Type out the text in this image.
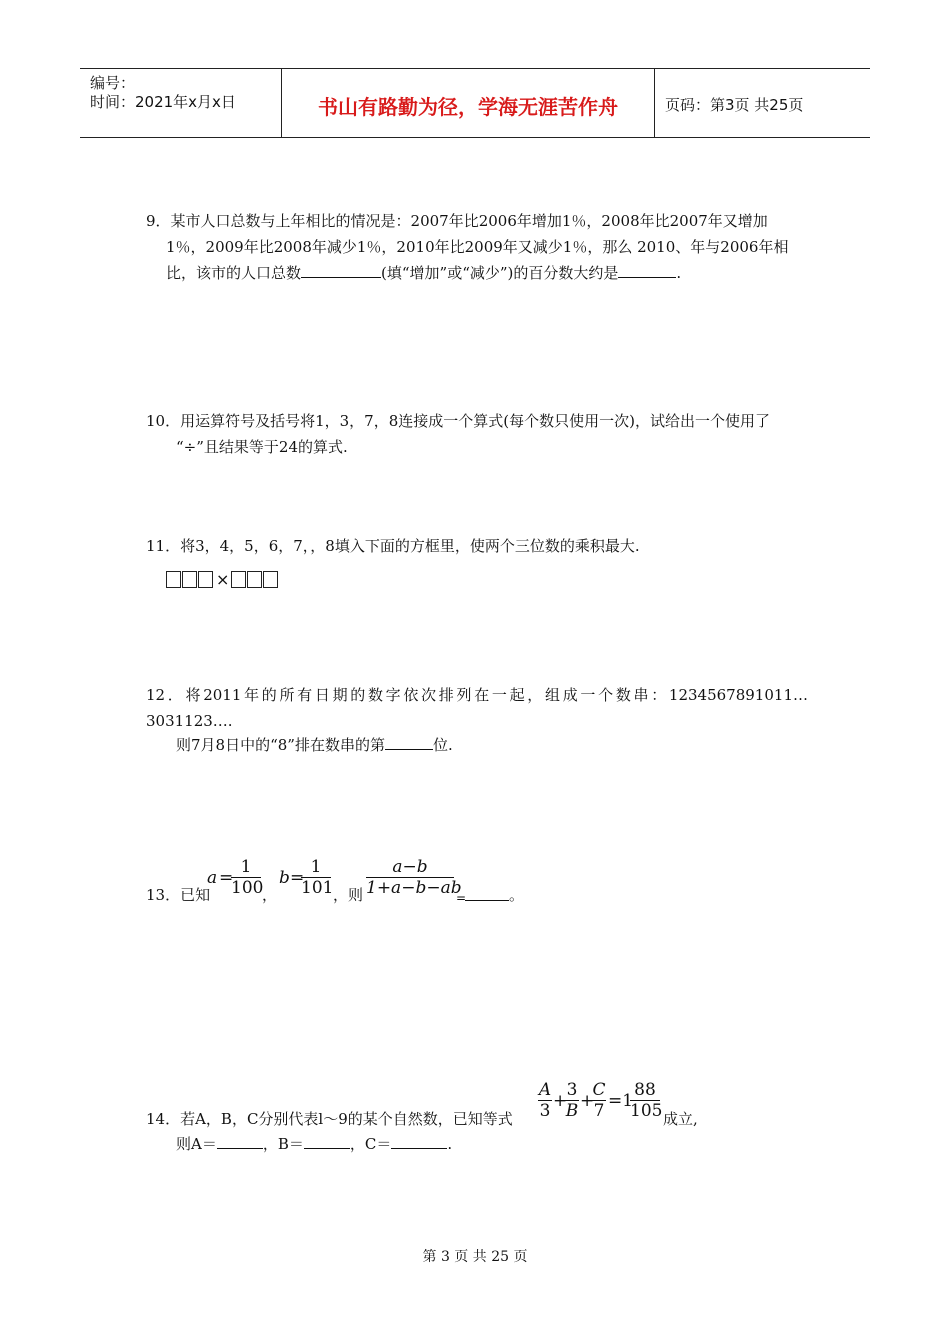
编号：
时间：2021年x月x日	书山有路勤为径，学海无涯苦作舟	页码：第3页 共25页
9．某市人口总数与上年相比的情况是：2007年比2006年增加1％，2008年比2007年又增加
1％，2009年比2008年减少1％，2010年比2009年又减少1％，那么 2010、年与2006年相
比，该市的人口总数	(填“增加”或“减少”)的百分数大约是	.
10．用运算符号及括号将1，3，7，8连接成一个算式(每个数只使用一次)，试给出一个使用了
“÷”且结果等于24的算式.
11．将3，4，5，6，7，，8填入下面的方框里，使两个三位数的乘积最大.
×
12．将2011年的所有日期的数字依次排列在一起，组成一个数串：1234567891011…
3031123….
则7月8日中的“8”排在数串的第	位.
13．已知
a =
1
100
，
b =
1
101 ，则
a−b
1+a−b−ab
=	。
14．若A，B，C分别代表l～9的某个自然数，已知等式
A
3 +
3
B +
C
7 =1
88
105 成立,
则A＝	，B＝	，C＝	.
第 3 页 共 25 页
